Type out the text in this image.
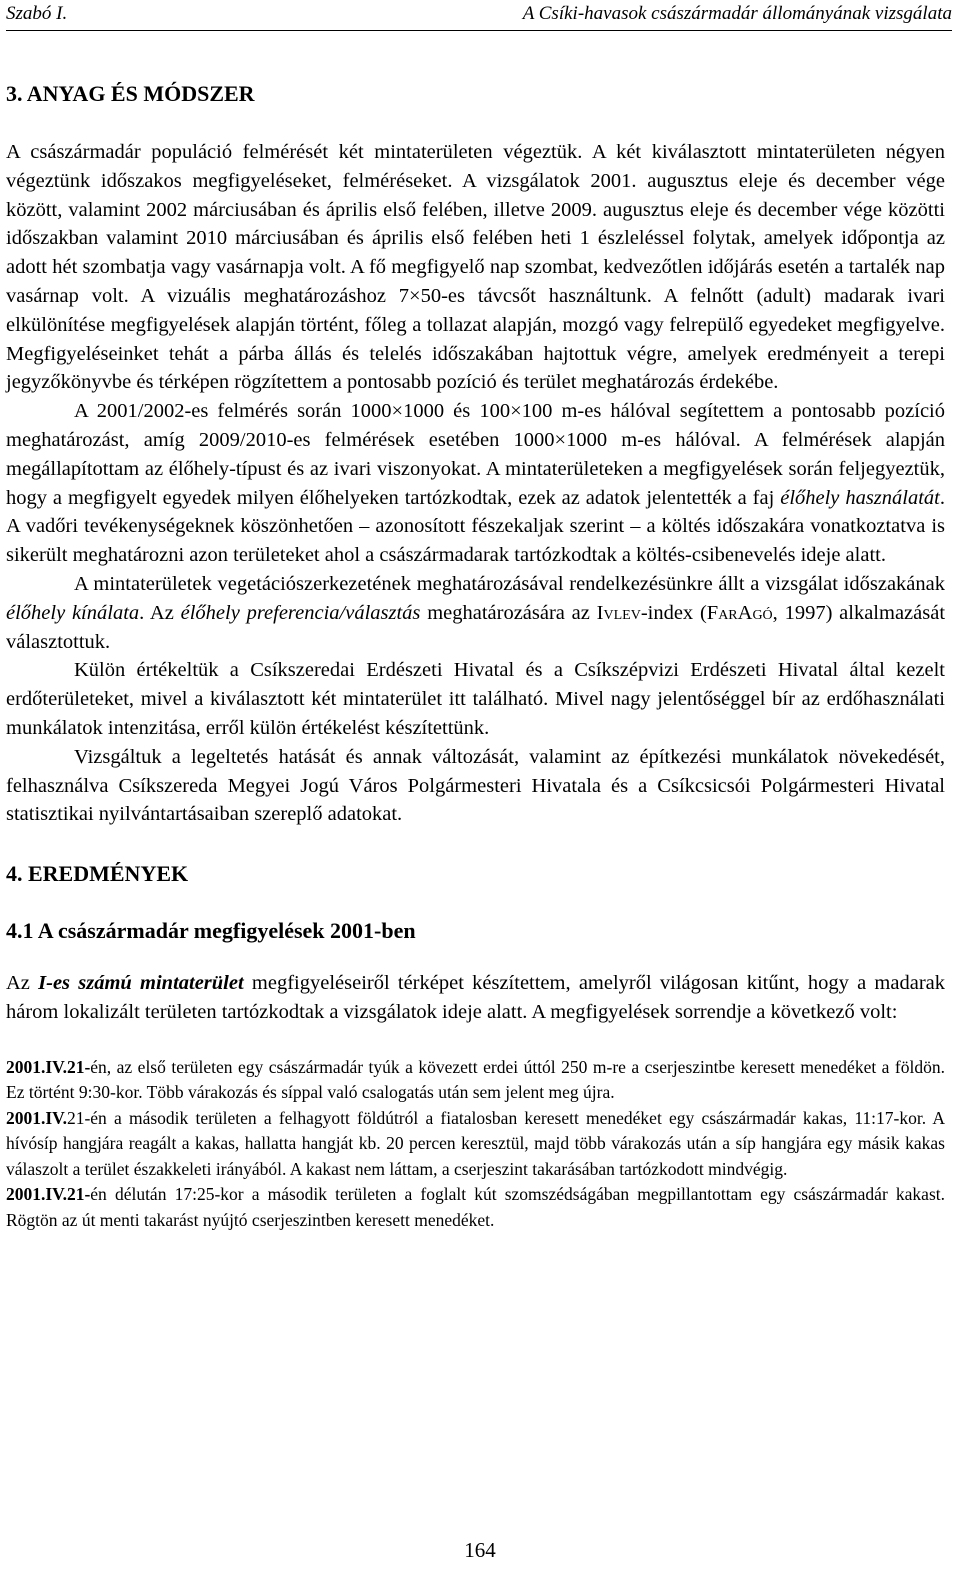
Szabó I.	A Csíki-havasok császármadár állományának vizsgálata
3. ANYAG ÉS MÓDSZER

A császármadár populáció felmérését két mintaterületen végeztük. A két kiválasztott mintaterületen négyen végeztünk időszakos megfigyeléseket, felméréseket. A vizsgálatok 2001. augusztus eleje és december vége között, valamint 2002 márciusában és április első felében, illetve 2009. augusztus eleje és december vége közötti időszakban valamint 2010 márciusában és április első felében heti 1 észleléssel folytak, amelyek időpontja az adott hét szombatja vagy vasárnapja volt. A fő megfigyelő nap szombat, kedvezőtlen időjárás esetén a tartalék nap vasárnap volt. A vizuális meghatározáshoz 7×50-es távcsőt használtunk. A felnőtt (adult) madarak ivari elkülönítése megfigyelések alapján történt, főleg a tollazat alapján, mozgó vagy felrepülő egyedeket megfigyelve. Megfigyeléseinket tehát a párba állás és telelés időszakában hajtottuk végre, amelyek eredményeit a terepi jegyzőkönyvbe és térképen rögzítettem a pontosabb pozíció és terület meghatározás érdekébe.

A 2001/2002-es felmérés során 1000×1000 és 100×100 m-es hálóval segítettem a pontosabb pozíció meghatározást, amíg 2009/2010-es felmérések esetében 1000×1000 m-es hálóval. A felmérések alapján megállapítottam az élőhely-típust és az ivari viszonyokat. A mintaterületeken a megfigyelések során feljegyeztük, hogy a megfigyelt egyedek milyen élőhelyeken tartózkodtak, ezek az adatok jelentették a faj élőhely használatát. A vadőri tevékenységeknek köszönhetően – azonosított fészekaljak szerint – a költés időszakára vonatkoztatva is sikerült meghatározni azon területeket ahol a császármadarak tartózkodtak a költés-csibenevelés ideje alatt.

A mintaterületek vegetációszerkezetének meghatározásával rendelkezésünkre állt a vizsgálat időszakának élőhely kínálata. Az élőhely preferencia/választás meghatározására az Ivlev-index (FarAgó, 1997) alkalmazását választottuk.

Külön értékeltük a Csíkszeredai Erdészeti Hivatal és a Csíkszépvizi Erdészeti Hivatal által kezelt erdőterületeket, mivel a kiválasztott két mintaterület itt található. Mivel nagy jelentőséggel bír az erdőhasználati munkálatok intenzitása, erről külön értékelést készítettünk.

Vizsgáltuk a legeltetés hatását és annak változását, valamint az építkezési munkálatok növekedését, felhasználva Csíkszereda Megyei Jogú Város Polgármesteri Hivatala és a Csíkcsicsói Polgármesteri Hivatal statisztikai nyilvántartásaiban szereplő adatokat.

4. EREDMÉNYEK
4.1 A császármadár megfigyelések 2001-ben

Az I-es számú mintaterület megfigyeléseiről térképet készítettem, amelyről világosan kitűnt, hogy a madarak három lokalizált területen tartózkodtak a vizsgálatok ideje alatt. A megfigyelések sorrendje a következő volt:

2001.IV.21-én, az első területen egy császármadár tyúk a kövezett erdei úttól 250 m-re a cserjeszintbe keresett menedéket a földön. Ez történt 9:30-kor. Több várakozás és síppal való csalogatás után sem jelent meg újra.

2001.IV.21-én a második területen a felhagyott földútról a fiatalosban keresett menedéket egy császármadár kakas, 11:17-kor. A hívósíp hangjára reagált a kakas, hallatta hangját kb. 20 percen keresztül, majd több várakozás után a síp hangjára egy másik kakas válaszolt a terület északkeleti irányából. A kakast nem láttam, a cserjeszint takarásában tartózkodott mindvégig.

2001.IV.21-én délután 17:25-kor a második területen a foglalt kút szomszédságában megpillantottam egy császármadár kakast. Rögtön az út menti takarást nyújtó cserjeszintben keresett menedéket.

164
